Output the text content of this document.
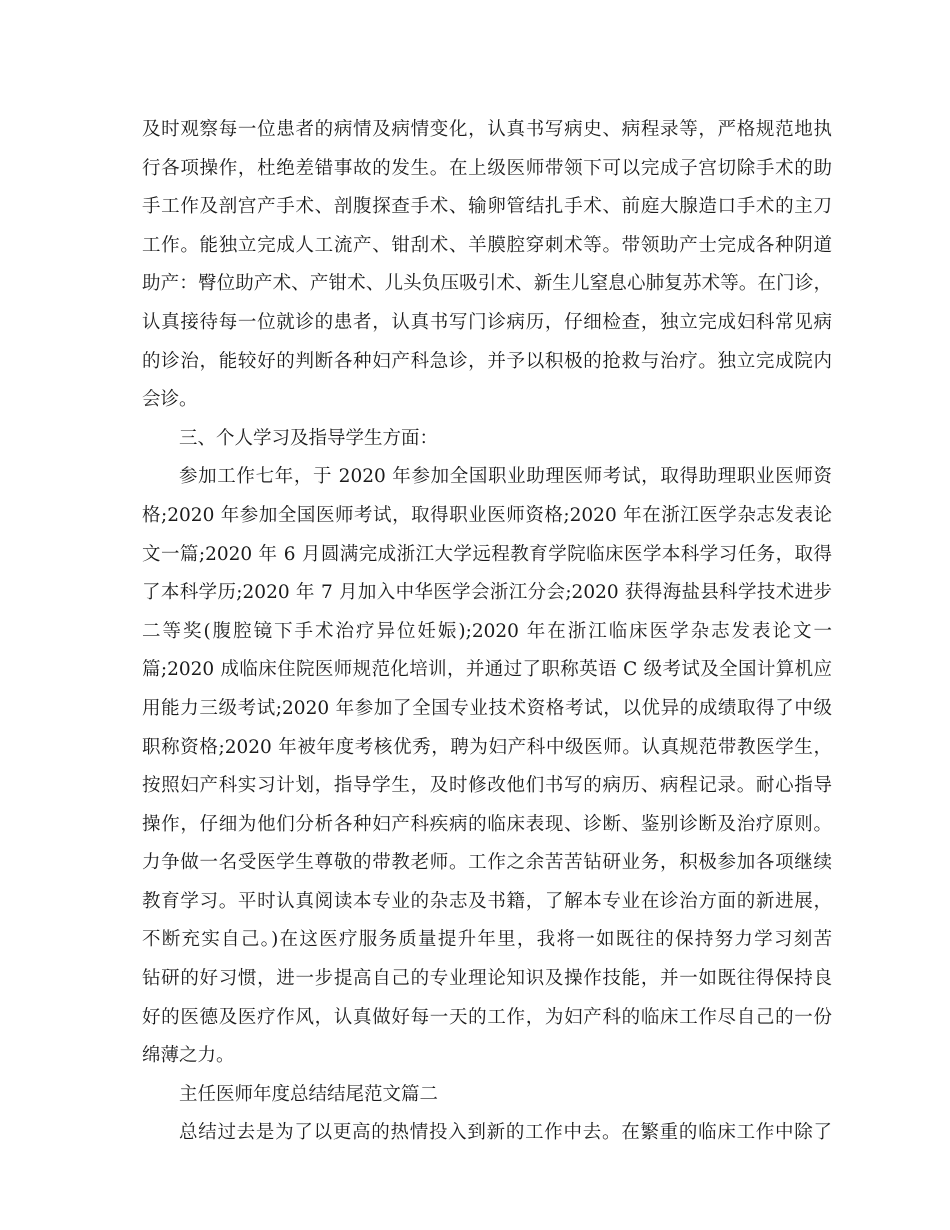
及时观察每一位患者的病情及病情变化，认真书写病史、病程录等，严格规范地执
行各项操作，杜绝差错事故的发生。在上级医师带领下可以完成子宫切除手术的助
手工作及剖宫产手术、剖腹探查手术、输卵管结扎手术、前庭大腺造口手术的主刀
工作。能独立完成人工流产、钳刮术、羊膜腔穿刺术等。带领助产士完成各种阴道
助产：臀位助产术、产钳术、儿头负压吸引术、新生儿窒息心肺复苏术等。在门诊，
认真接待每一位就诊的患者，认真书写门诊病历，仔细检查，独立完成妇科常见病
的诊治，能较好的判断各种妇产科急诊，并予以积极的抢救与治疗。独立完成院内
会诊。
三、个人学习及指导学生方面：
参加工作七年，于 2020 年参加全国职业助理医师考试，取得助理职业医师资
格;2020 年参加全国医师考试，取得职业医师资格;2020 年在浙江医学杂志发表论
文一篇;2020 年 6 月圆满完成浙江大学远程教育学院临床医学本科学习任务，取得
了本科学历;2020 年 7 月加入中华医学会浙江分会;2020 获得海盐县科学技术进步
二等奖(腹腔镜下手术治疗异位妊娠);2020 年在浙江临床医学杂志发表论文一
篇;2020 成临床住院医师规范化培训，并通过了职称英语 C 级考试及全国计算机应
用能力三级考试;2020 年参加了全国专业技术资格考试，以优异的成绩取得了中级
职称资格;2020 年被年度考核优秀，聘为妇产科中级医师。认真规范带教医学生，
按照妇产科实习计划，指导学生，及时修改他们书写的病历、病程记录。耐心指导
操作，仔细为他们分析各种妇产科疾病的临床表现、诊断、鉴别诊断及治疗原则。
力争做一名受医学生尊敬的带教老师。工作之余苦苦钻研业务，积极参加各项继续
教育学习。平时认真阅读本专业的杂志及书籍，了解本专业在诊治方面的新进展，
不断充实自己。)在这医疗服务质量提升年里，我将一如既往的保持努力学习刻苦
钻研的好习惯，进一步提高自己的专业理论知识及操作技能，并一如既往得保持良
好的医德及医疗作风，认真做好每一天的工作，为妇产科的临床工作尽自己的一份
绵薄之力。
主任医师年度总结结尾范文篇二
总结过去是为了以更高的热情投入到新的工作中去。在繁重的临床工作中除了
